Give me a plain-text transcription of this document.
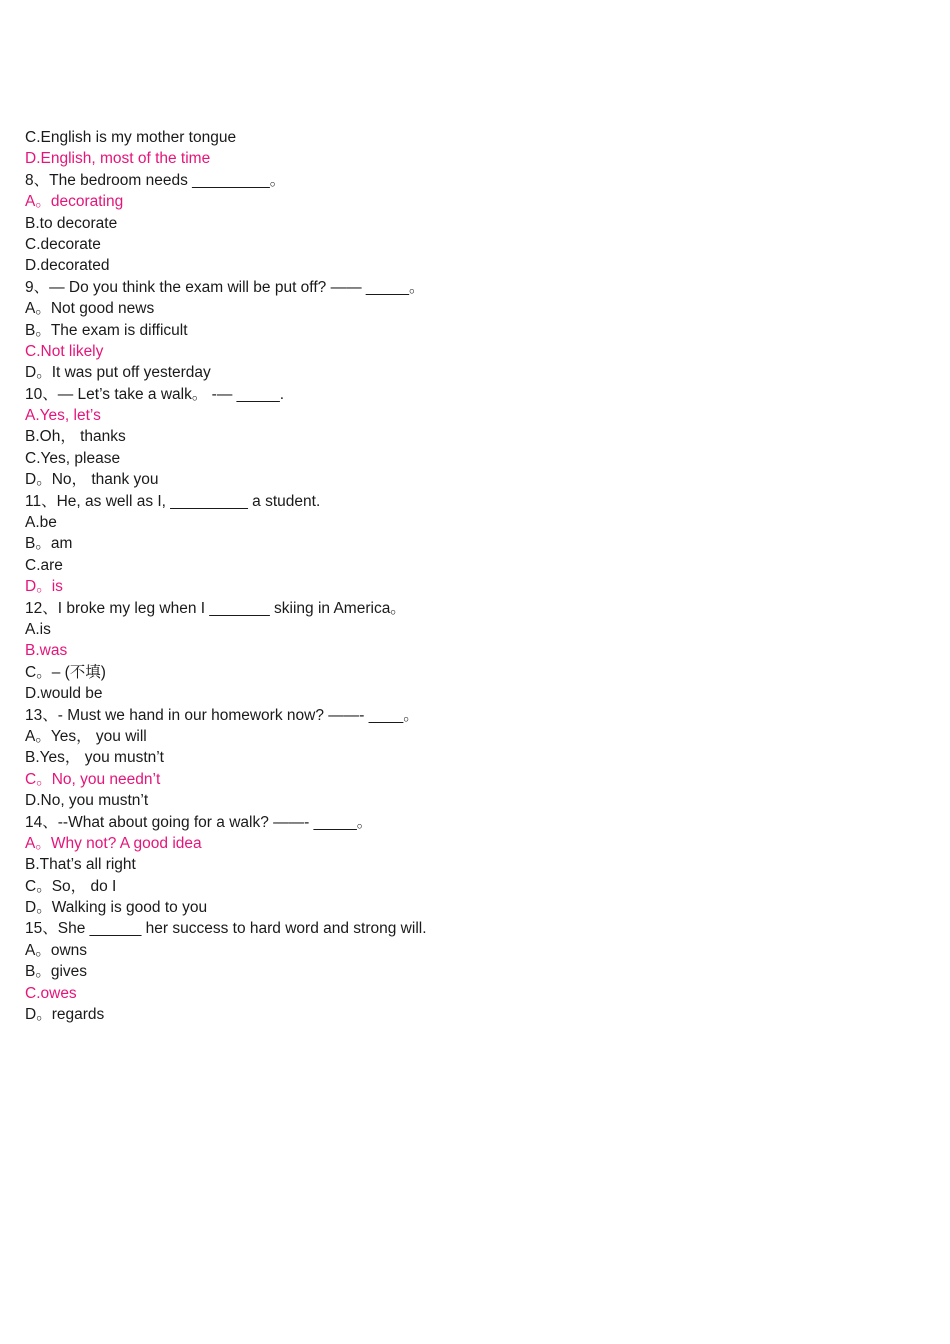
C.English is my mother tongue
D.English, most of the time
8、The bedroom needs _________。
A。decorating
B.to decorate
C.decorate
D.decorated
9、— Do you think the exam will be put off? —— _____。
A。Not good news
B。The exam is difficult
C.Not likely
D。It was put off yesterday
10、— Let’s take a walk。 -— _____.
A.Yes, let’s
B.Oh， thanks
C.Yes, please
D。No， thank you
11、He, as well as I, _________ a student.
A.be
B。am
C.are
D。is
12、I broke my leg when I _______ skiing in America。
A.is
B.was
C。– (不填)
D.would be
13、- Must we hand in our homework now? ——- ____。
A。Yes， you will
B.Yes， you mustn’t
C。No, you needn’t
D.No, you mustn’t
14、--What about going for a walk? ——- _____。
A。Why not? A good idea
B.That’s all right
C。So， do I
D。Walking is good to you
15、She ______ her success to hard word and strong will.
A。owns
B。gives
C.owes
D。regards
